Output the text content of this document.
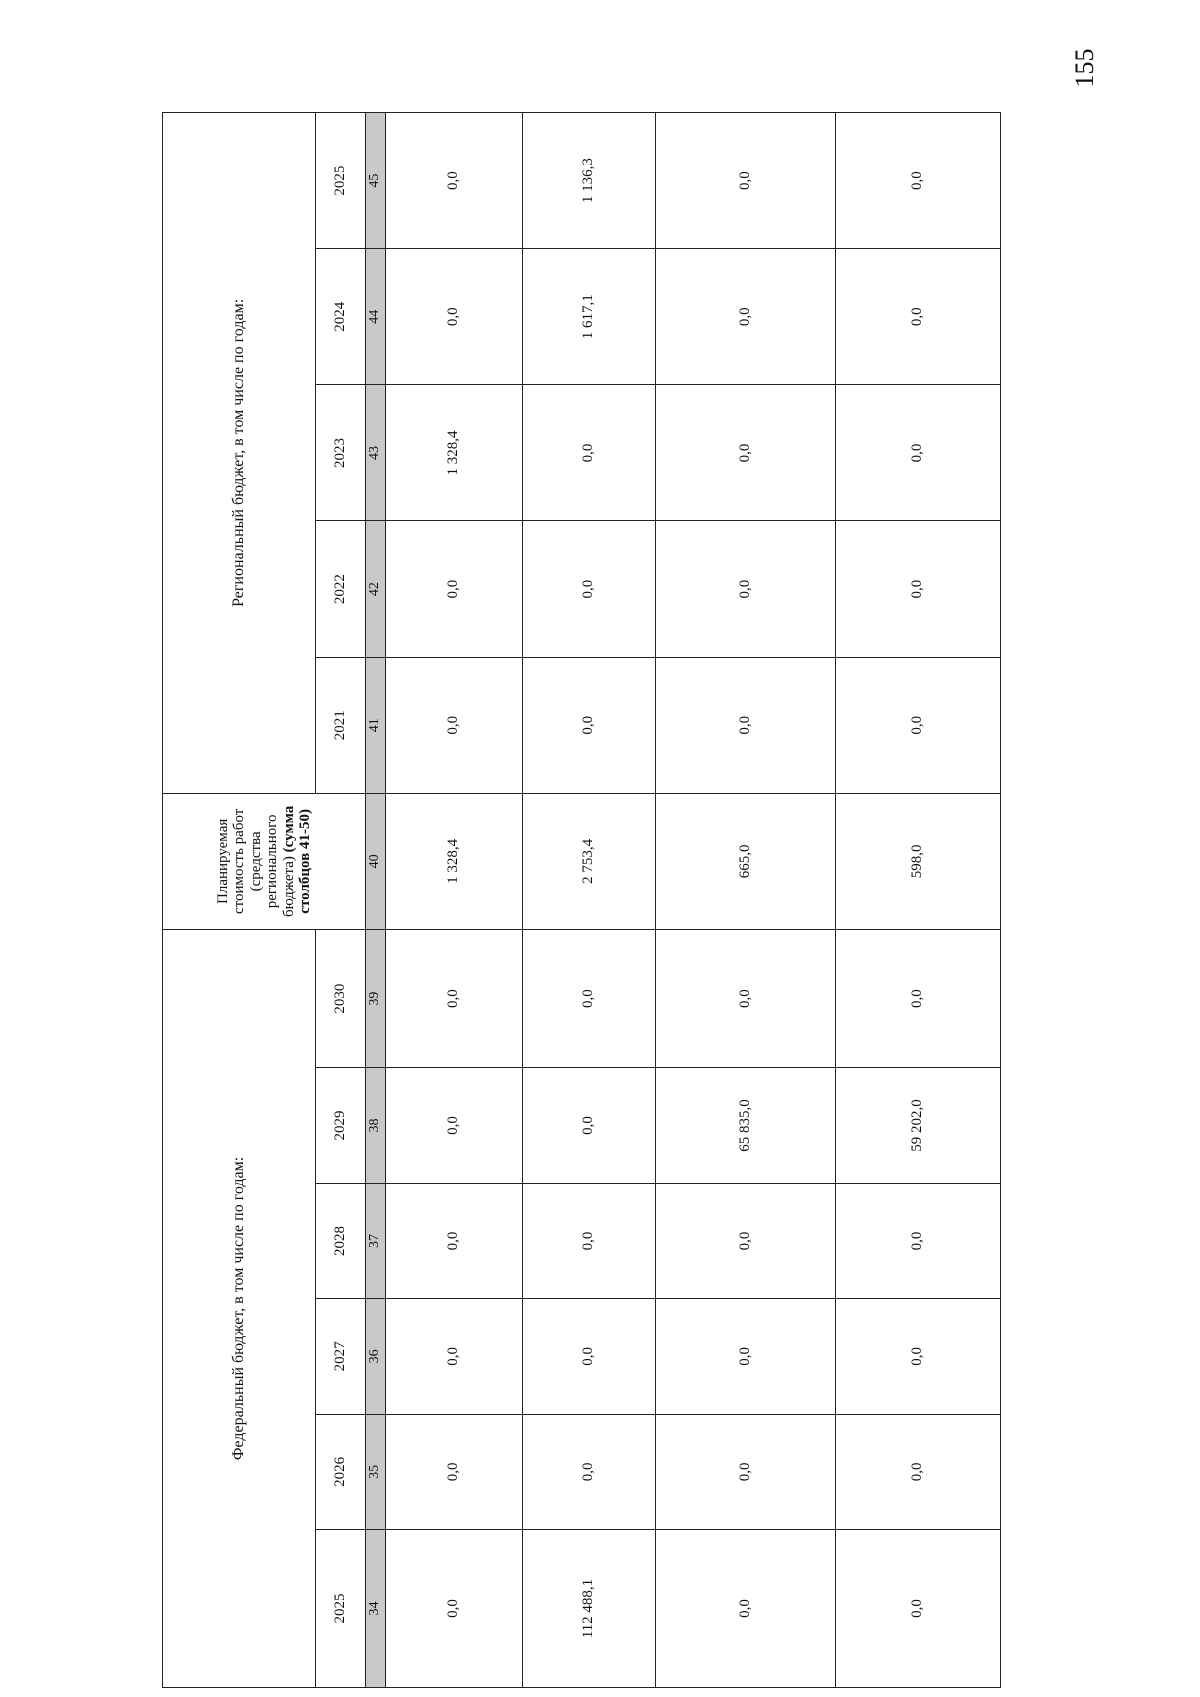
155
Федеральный бюджет, в том числе по годам:						Планируемая стоимость работ (средства регионального бюджета) (сумма столбцов 41-50)	Региональный бюджет, в том числе по годам:				
2025	2026	2027	2028	2029	2030		2021	2022	2023	2024	2025
34	35	36	37	38	39	40	41	42	43	44	45
0,0	0,0	0,0	0,0	0,0	0,0	1 328,4	0,0	0,0	1 328,4	0,0	0,0
112 488,1	0,0	0,0	0,0	0,0	0,0	2 753,4	0,0	0,0	0,0	1 617,1	1 136,3
0,0	0,0	0,0	0,0	65 835,0	0,0	665,0	0,0	0,0	0,0	0,0	0,0
0,0	0,0	0,0	0,0	59 202,0	0,0	598,0	0,0	0,0	0,0	0,0	0,0
